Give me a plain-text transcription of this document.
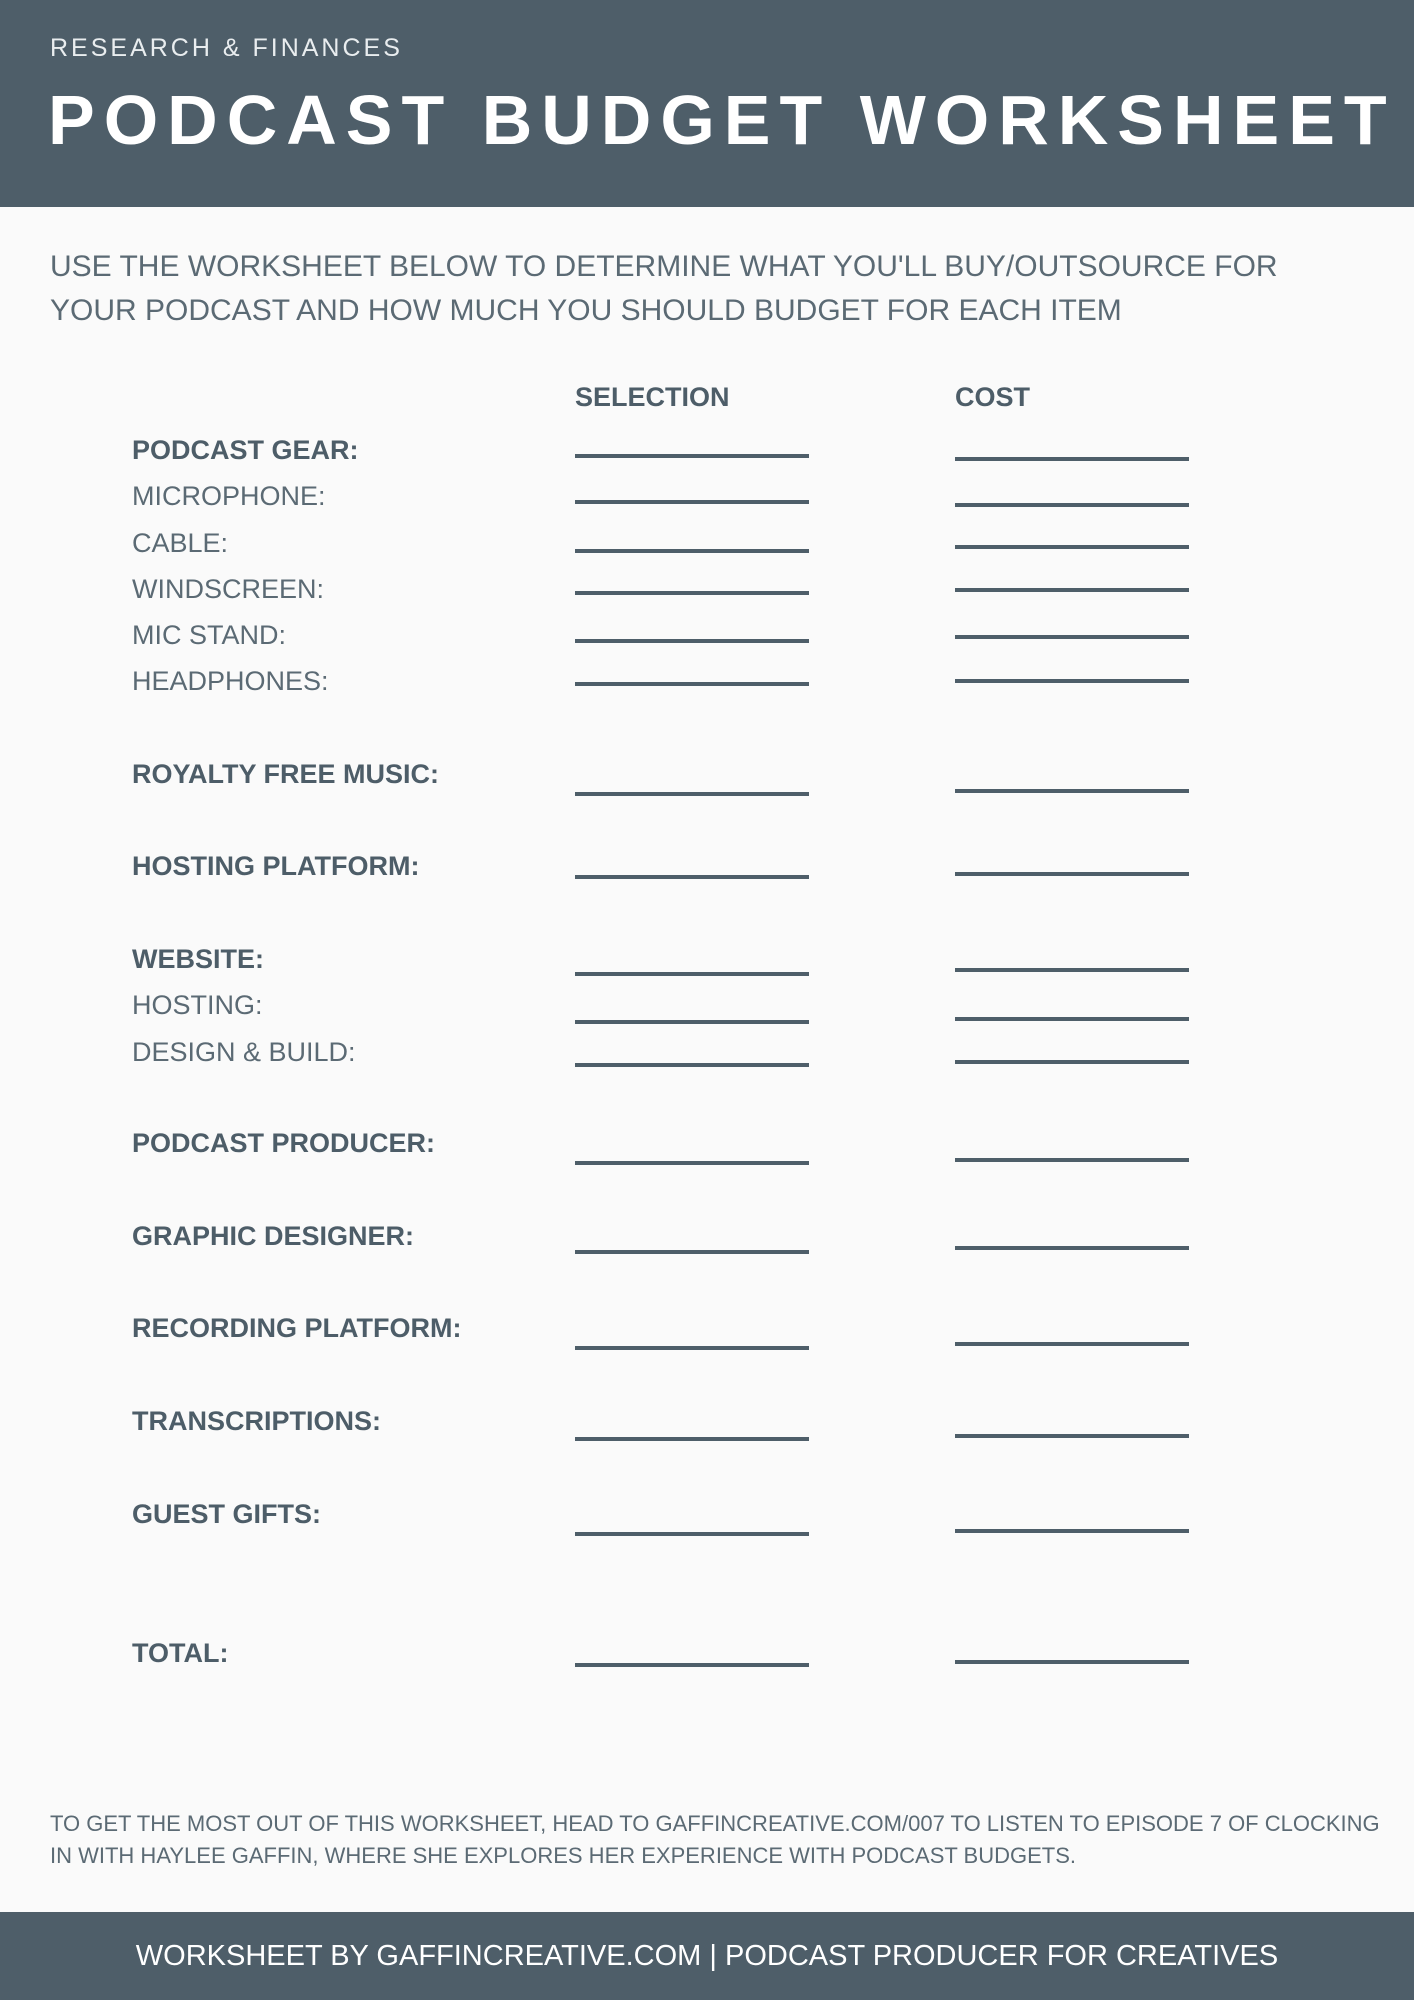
RESEARCH & FINANCES
PODCAST BUDGET WORKSHEET
USE THE WORKSHEET BELOW TO DETERMINE WHAT YOU'LL BUY/OUTSOURCE FOR YOUR PODCAST AND HOW MUCH YOU SHOULD BUDGET FOR EACH ITEM
SELECTION	COST
PODCAST GEAR:
MICROPHONE:
CABLE:
WINDSCREEN:
MIC STAND:
HEADPHONES:
ROYALTY FREE MUSIC:
HOSTING PLATFORM:
WEBSITE:
HOSTING:
DESIGN & BUILD:
PODCAST PRODUCER:
GRAPHIC DESIGNER:
RECORDING PLATFORM:
TRANSCRIPTIONS:
GUEST GIFTS:
TOTAL:
TO GET THE MOST OUT OF THIS WORKSHEET, HEAD TO GAFFINCREATIVE.COM/007 TO LISTEN TO EPISODE 7 OF CLOCKING IN WITH HAYLEE GAFFIN, WHERE SHE EXPLORES HER EXPERIENCE WITH PODCAST BUDGETS.
WORKSHEET BY GAFFINCREATIVE.COM | PODCAST PRODUCER FOR CREATIVES
